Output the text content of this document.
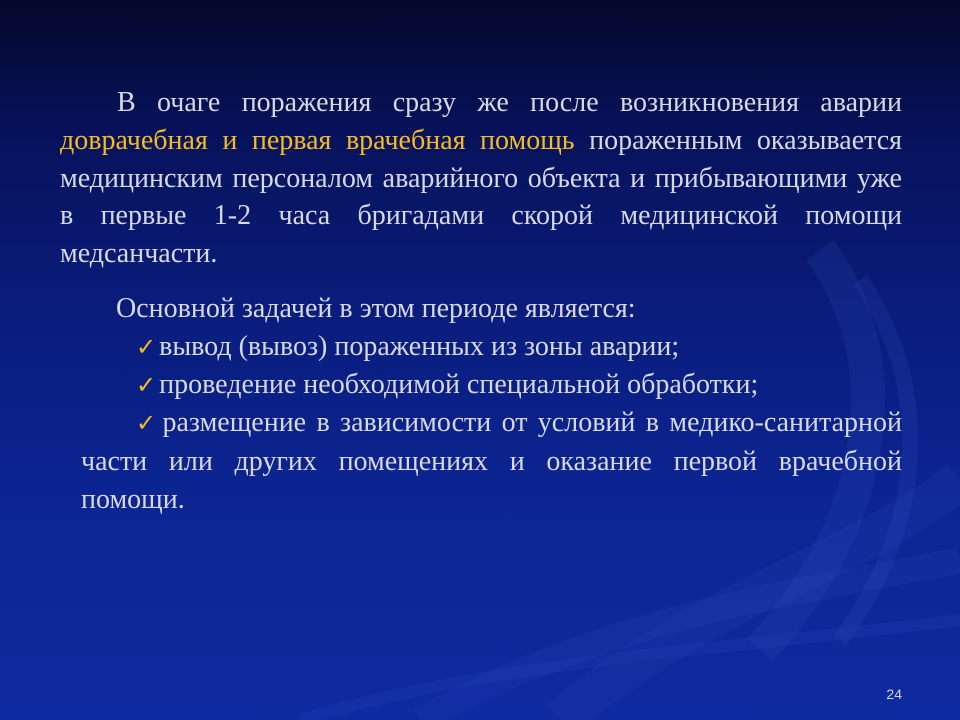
В очаге поражения сразу же после возникновения аварии доврачебная и первая врачебная помощь пораженным оказывается медицинским персоналом аварийного объекта и прибывающими уже в первые 1-2 часа бригадами скорой медицинской помощи медсанчасти.

Основной задачей в этом периоде является:

✓ вывод (вывоз) пораженных из зоны аварии;

✓ проведение необходимой специальной обработки;

✓ размещение в зависимости от условий в медико-санитарной части или других помещениях и оказание первой врачебной помощи.

24
